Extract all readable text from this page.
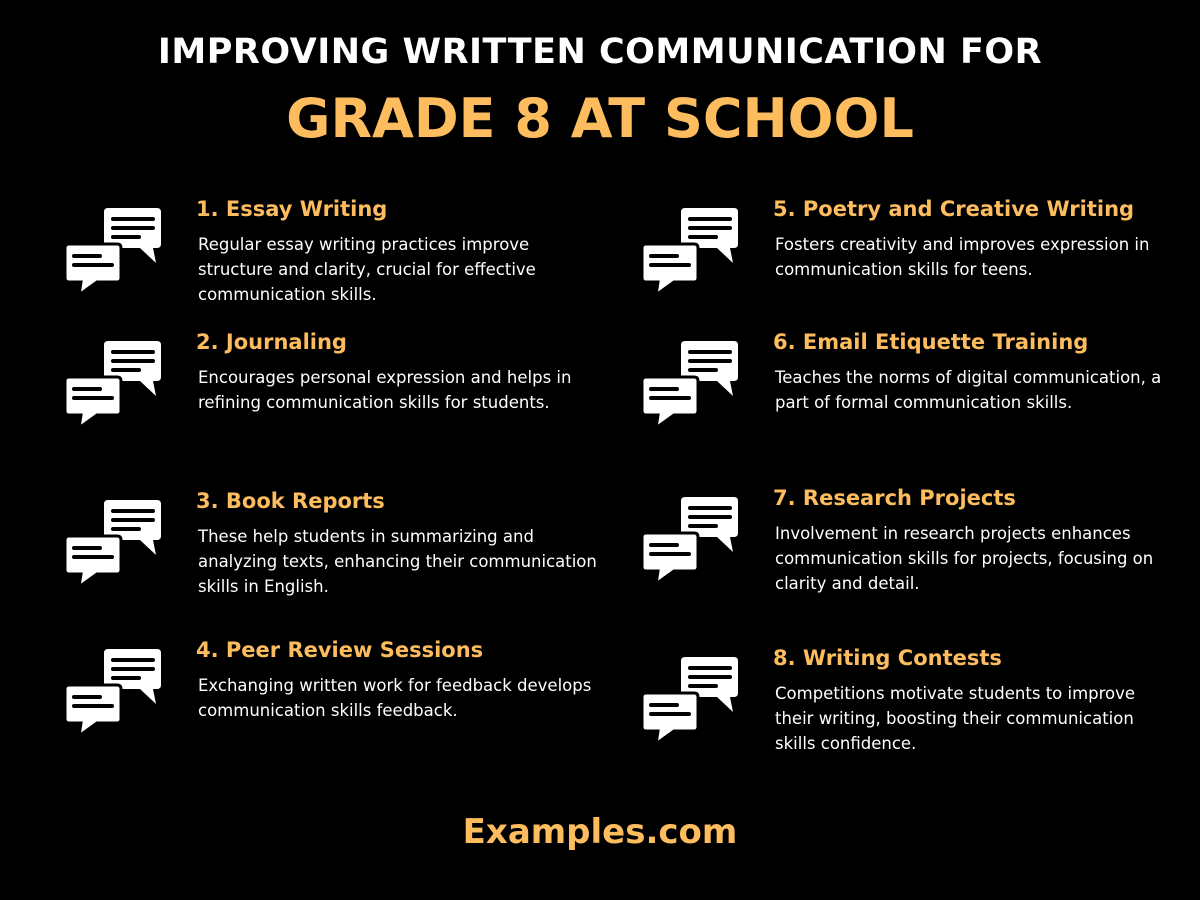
IMPROVING WRITTEN COMMUNICATION FOR
GRADE 8 AT SCHOOL
1. Essay Writing
Regular essay writing practices improve structure and clarity, crucial for effective communication skills.
2. Journaling
Encourages personal expression and helps in refining communication skills for students.
3. Book Reports
These help students in summarizing and analyzing texts, enhancing their communication skills in English.
4. Peer Review Sessions
Exchanging written work for feedback develops communication skills feedback.
5. Poetry and Creative Writing
Fosters creativity and improves expression in communication skills for teens.
6. Email Etiquette Training
Teaches the norms of digital communication, a part of formal communication skills.
7. Research Projects
Involvement in research projects enhances communication skills for projects, focusing on clarity and detail.
8. Writing Contests
Competitions motivate students to improve their writing, boosting their communication skills confidence.
Examples.com
